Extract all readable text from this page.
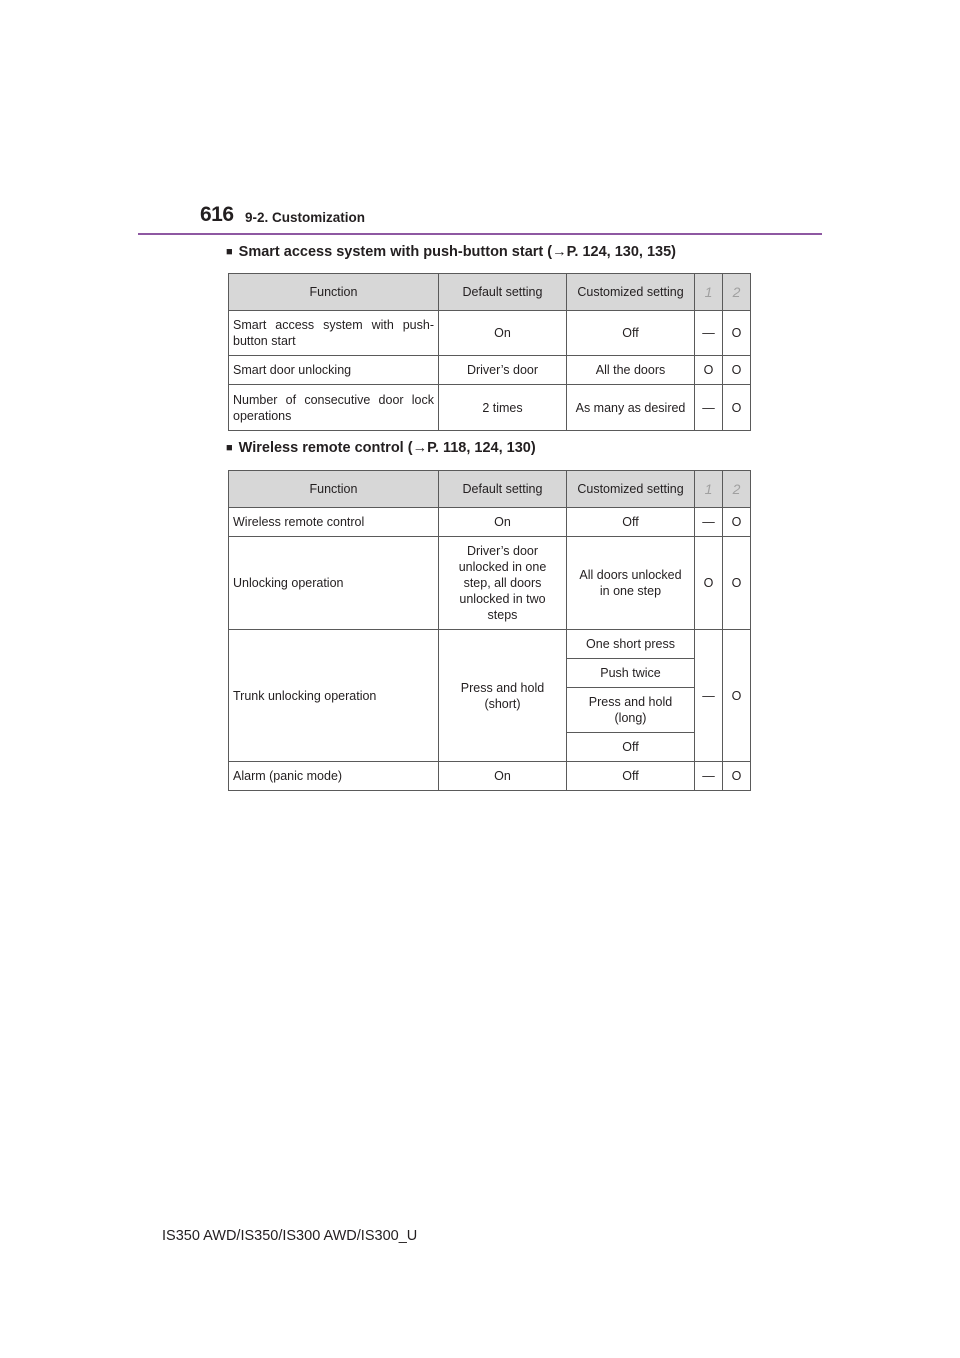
616 9-2. Customization
■ Smart access system with push-button start (→P. 124, 130, 135)
Function	Default setting	Customized setting	1	2
Smart access system with push-button start	On	Off	—	O
Smart door unlocking	Driver’s door	All the doors	O	O
Number of consecutive door lock operations	2 times	As many as desired	—	O
■ Wireless remote control (→P. 118, 124, 130)
Function	Default setting	Customized setting	1	2
Wireless remote control	On	Off	—	O
Unlocking operation	Driver’s door unlocked in one step, all doors unlocked in two steps	All doors unlocked in one step	O	O
Trunk unlocking operation	Press and hold (short)	One short press	—	O
		Push twice		
		Press and hold (long)		
		Off		
Alarm (panic mode)	On	Off	—	O
IS350 AWD/IS350/IS300 AWD/IS300_U
